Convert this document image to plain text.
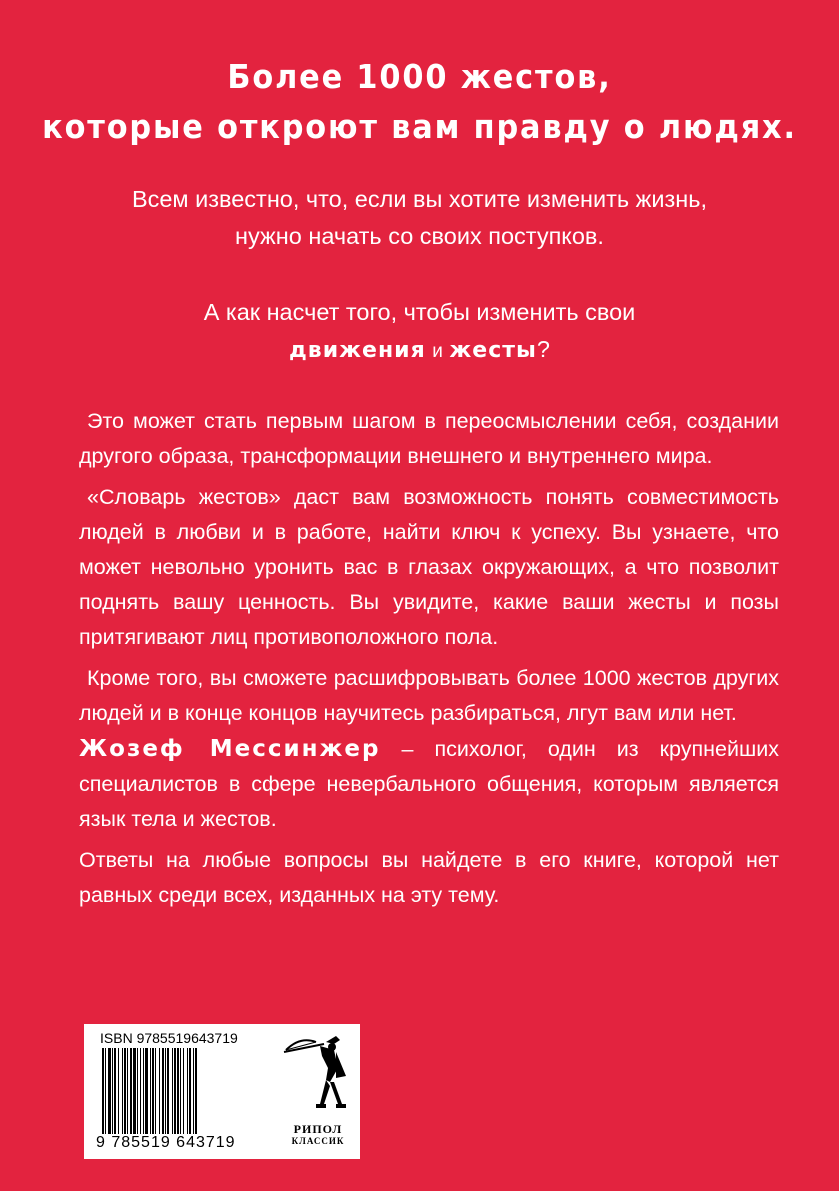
Более 1000 жестов,
которые откроют вам правду о людях.
Всем известно, что, если вы хотите изменить жизнь,
нужно начать со своих поступков.
А как насчет того, чтобы изменить свои
движения и жесты?

Это может стать первым шагом в переосмыслении себя, создании другого образа, трансформации внешнего и внутреннего мира.

«Словарь жестов» даст вам возможность понять совместимость людей в любви и в работе, найти ключ к успеху. Вы узнаете, что может невольно уронить вас в глазах окружающих, а что позволит поднять вашу ценность. Вы увидите, какие ваши жесты и позы притягивают лиц противоположного пола.

Кроме того, вы сможете расшифровывать более 1000 жестов других людей и в конце концов научитесь разбираться, лгут вам или нет.

Жозеф Мессинжер – психолог, один из крупнейших специалистов в сфере невербального общения, которым является язык тела и жестов.

Ответы на любые вопросы вы найдете в его книге, которой нет равных среди всех, изданных на эту тему.

ISBN 9785519643719
9 785519 643719
РИПОЛ
КЛАССИК
